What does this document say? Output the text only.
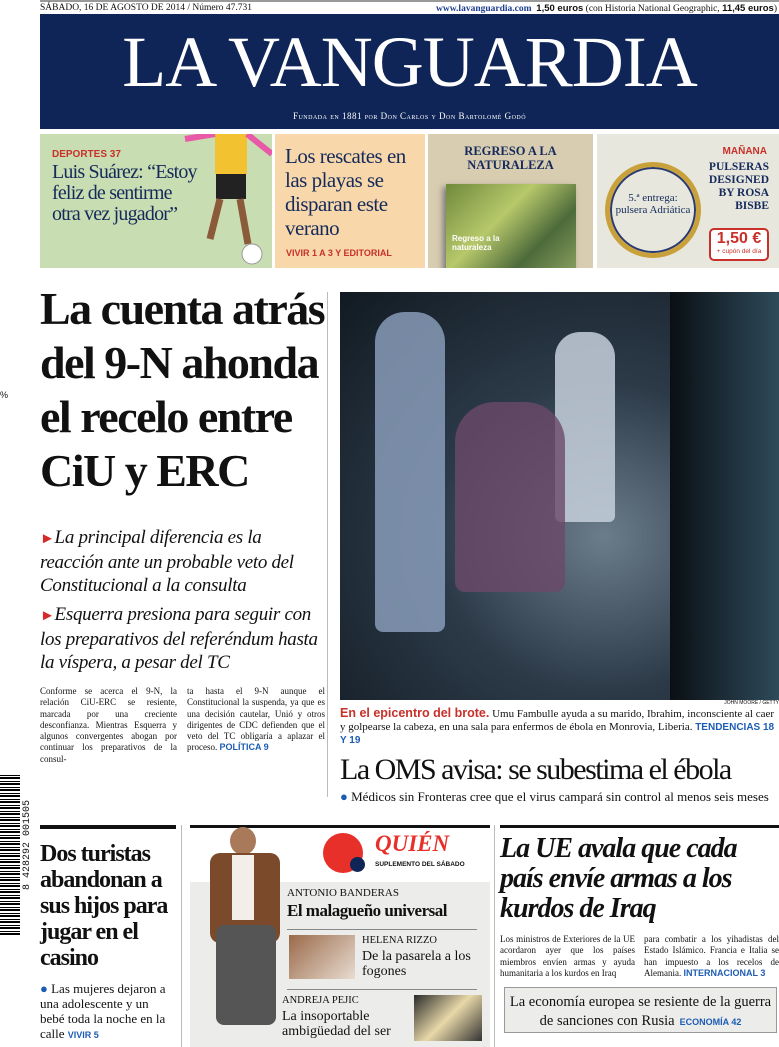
SÁBADO, 16 DE AGOSTO DE 2014 / Número 47.731	www.lavanguardia.com 1,50 euros (con Historia National Geographic, 11,45 euros)
LA VANGUARDIA
Fundada en 1881 por Don Carlos y Don Bartolomé Godó
DEPORTES 37
Luis Suárez: “Estoy feliz de sentirme otra vez jugador”
Los rescates en las playas se disparan este verano
VIVIR 1 A 3 Y EDITORIAL
REGRESO A LA NATURALEZA
Regreso a la naturaleza
5.ª entrega: pulsera Adriática
MAÑANA
PULSERAS DESIGNED BY ROSA BISBE
1,50 €
+ cupón del día
%
La cuenta atrás del 9-N ahonda el recelo entre CiU y ERC
►La principal diferencia es la reacción ante un probable veto del Constitucional a la consulta
►Esquerra presiona para seguir con los preparativos del referéndum hasta la víspera, a pesar del TC
Conforme se acerca el 9-N, la relación CiU-ERC se resiente, marcada por una creciente desconfianza. Mientras Esquerra y algunos convergentes abogan por continuar los preparativos de la consul-
ta hasta el 9-N aunque el Constitucional la suspenda, ya que es una decisión cautelar, Unió y otros dirigentes de CDC defienden que el veto del TC obligaría a aplazar el proceso. POLÍTICA 9
JOHN MOORE / GETTY
En el epicentro del brote. Umu Fambulle ayuda a su marido, Ibrahim, inconsciente al caer y golpearse la cabeza, en una sala para enfermos de ébola en Monrovia, Liberia. TENDENCIAS 18 Y 19
La OMS avisa: se subestima el ébola
● Médicos sin Fronteras cree que el virus campará sin control al menos seis meses
8 428292 001505 Dos turistas abandonan a sus hijos para jugar en el casino

● Las mujeres dejaron a una adolescente y un bebé toda la noche en la calle VIVIR 5

QUIÉN
SUPLEMENTO DEL SÁBADO
ANTONIO BANDERAS
El malagueño universal
HELENA RIZZO
De la pasarela a los fogones
ANDREJA PEJIC
La insoportable ambigüedad del ser
La UE avala que cada país envíe armas a los kurdos de Iraq
Los ministros de Exteriores de la UE acordaron ayer que los países miembros envíen armas y ayuda humanitaria a los kurdos en Iraq
para combatir a los yihadistas del Estado Islámico. Francia e Italia se han impuesto a los recelos de Alemania. INTERNACIONAL 3
La economía europea se resiente de la guerra de sanciones con Rusia ECONOMÍA 42
